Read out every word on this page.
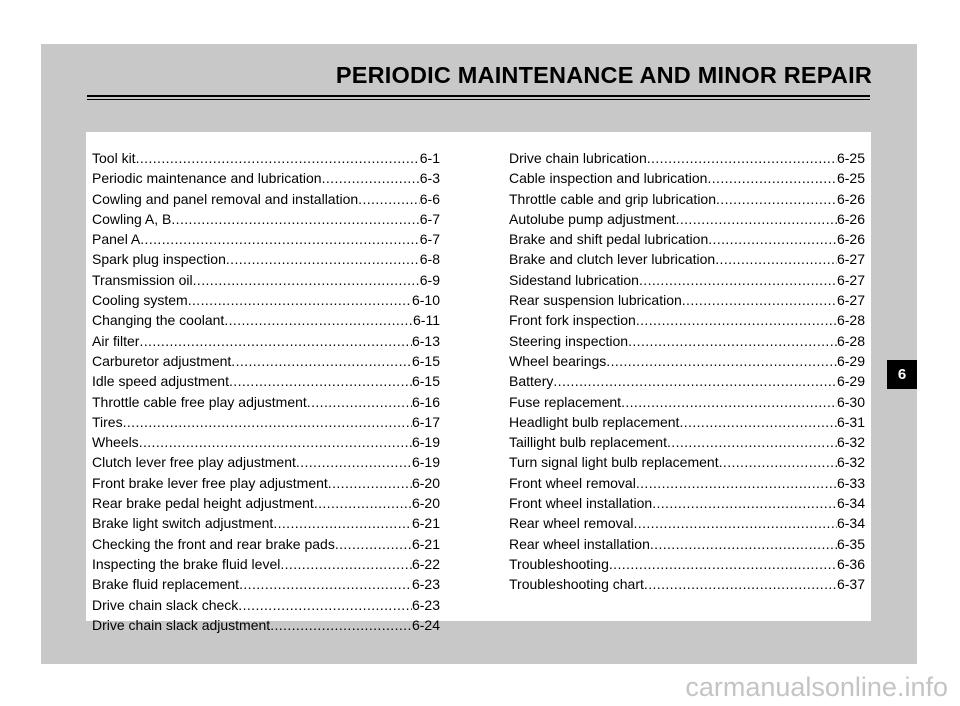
PERIODIC MAINTENANCE AND MINOR REPAIR
Tool kit .....	6-1
Periodic maintenance and lubrication .....	6-3
Cowling and panel removal and installation .....	6-6
Cowling A, B .....	6-7
Panel A .....	6-7
Spark plug inspection .....	6-8
Transmission oil .....	6-9
Cooling system .....	6-10
Changing the coolant .....	6-11
Air filter .....	6-13
Carburetor adjustment .....	6-15
Idle speed adjustment .....	6-15
Throttle cable free play adjustment .....	6-16
Tires .....	6-17
Wheels .....	6-19
Clutch lever free play adjustment .....	6-19
Front brake lever free play adjustment .....	6-20
Rear brake pedal height adjustment .....	6-20
Brake light switch adjustment .....	6-21
Checking the front and rear brake pads .....	6-21
Inspecting the brake fluid level .....	6-22
Brake fluid replacement .....	6-23
Drive chain slack check .....	6-23
Drive chain slack adjustment .....	6-24
Drive chain lubrication .....	6-25
Cable inspection and lubrication .....	6-25
Throttle cable and grip lubrication .....	6-26
Autolube pump adjustment .....	6-26
Brake and shift pedal lubrication .....	6-26
Brake and clutch lever lubrication .....	6-27
Sidestand lubrication .....	6-27
Rear suspension lubrication .....	6-27
Front fork inspection .....	6-28
Steering inspection .....	6-28
Wheel bearings .....	6-29
Battery .....	6-29
Fuse replacement .....	6-30
Headlight bulb replacement .....	6-31
Taillight bulb replacement .....	6-32
Turn signal light bulb replacement .....	6-32
Front wheel removal .....	6-33
Front wheel installation .....	6-34
Rear wheel removal .....	6-34
Rear wheel installation .....	6-35
Troubleshooting .....	6-36
Troubleshooting chart .....	6-37
6
carmanualsonline.info
